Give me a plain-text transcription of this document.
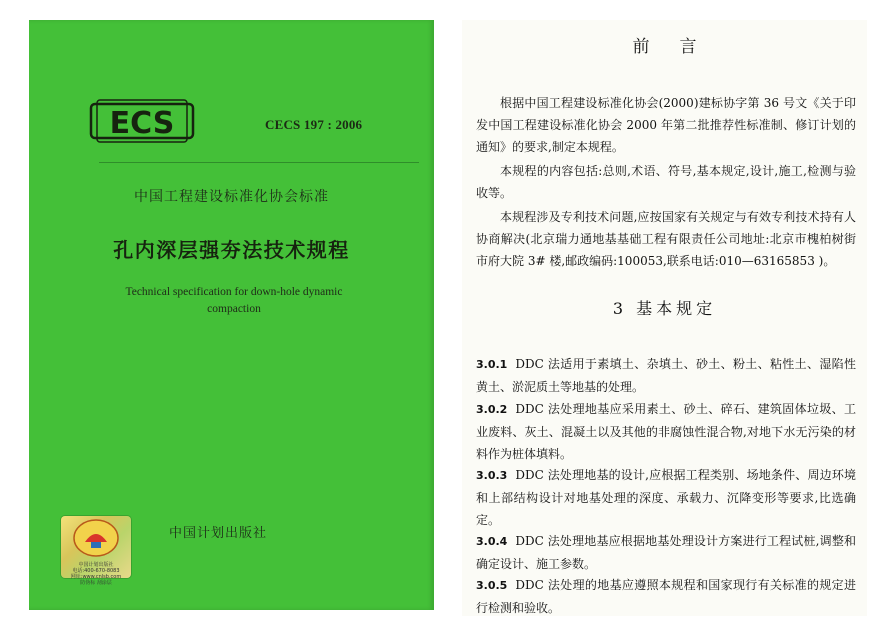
ECS	CECS 197 : 2006
中国工程建设标准化协会标准
孔内深层强夯法技术规程
Technical specification for down-hole dynamic compaction
中国计划出版社
电话:400-670-8083
网址:www.cnlsb.com
防伪标 刮涂层
中国计划出版社
前言

根据中国工程建设标准化协会(2000)建标协字第 36 号文《关于印发中国工程建设标准化协会 2000 年第二批推荐性标准制、修订计划的通知》的要求,制定本规程。

本规程的内容包括:总则,术语、符号,基本规定,设计,施工,检测与验收等。

本规程涉及专利技术问题,应按国家有关规定与有效专利技术持有人协商解决(北京瑞力通地基基础工程有限责任公司地址:北京市槐柏树街市府大院 3# 楼,邮政编码:100053,联系电话:010—63165853 )。

3 基本规定

3.0.1 DDC 法适用于素填土、杂填土、砂土、粉土、粘性土、湿陷性黄土、淤泥质土等地基的处理。

3.0.2 DDC 法处理地基应采用素土、砂土、碎石、建筑固体垃圾、工业废料、灰土、混凝土以及其他的非腐蚀性混合物,对地下水无污染的材料作为桩体填料。

3.0.3 DDC 法处理地基的设计,应根据工程类别、场地条件、周边环境和上部结构设计对地基处理的深度、承载力、沉降变形等要求,比选确定。

3.0.4 DDC 法处理地基应根据地基处理设计方案进行工程试桩,调整和确定设计、施工参数。

3.0.5 DDC 法处理的地基应遵照本规程和国家现行有关标准的规定进行检测和验收。
